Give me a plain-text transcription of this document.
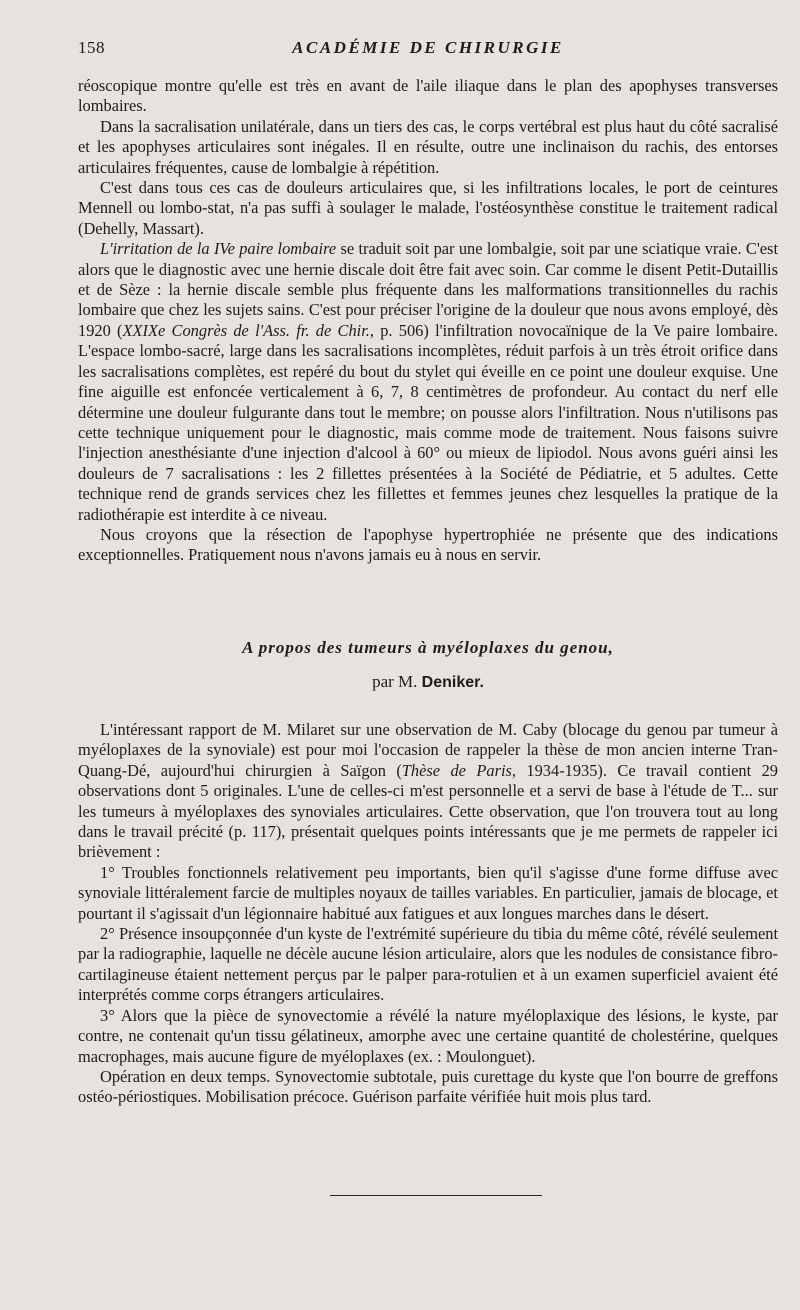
158	ACADÉMIE DE CHIRURGIE

réoscopique montre qu'elle est très en avant de l'aile iliaque dans le plan des apophyses transverses lombaires.

Dans la sacralisation unilatérale, dans un tiers des cas, le corps vertébral est plus haut du côté sacralisé et les apophyses articulaires sont inégales. Il en résulte, outre une inclinaison du rachis, des entorses articulaires fréquentes, cause de lombalgie à répétition.

C'est dans tous ces cas de douleurs articulaires que, si les infiltrations locales, le port de ceintures Mennell ou lombo-stat, n'a pas suffi à soulager le malade, l'ostéosynthèse constitue le traitement radical (Dehelly, Massart).

L'irritation de la IVe paire lombaire se traduit soit par une lombalgie, soit par une sciatique vraie. C'est alors que le diagnostic avec une hernie discale doit être fait avec soin. Car comme le disent Petit-Dutaillis et de Sèze : la hernie discale semble plus fréquente dans les malformations transitionnelles du rachis lombaire que chez les sujets sains. C'est pour préciser l'origine de la douleur que nous avons employé, dès 1920 (XXIXe Congrès de l'Ass. fr. de Chir., p. 506) l'infiltration novocaïnique de la Ve paire lombaire. L'espace lombo-sacré, large dans les sacralisations incomplètes, réduit parfois à un très étroit orifice dans les sacralisations complètes, est repéré du bout du stylet qui éveille en ce point une douleur exquise. Une fine aiguille est enfoncée verticalement à 6, 7, 8 centimètres de profondeur. Au contact du nerf elle détermine une douleur fulgurante dans tout le membre; on pousse alors l'infiltration. Nous n'utilisons pas cette technique uniquement pour le diagnostic, mais comme mode de traitement. Nous faisons suivre l'injection anesthésiante d'une injection d'alcool à 60° ou mieux de lipiodol. Nous avons guéri ainsi les douleurs de 7 sacralisations : les 2 fillettes présentées à la Société de Pédiatrie, et 5 adultes. Cette technique rend de grands services chez les fillettes et femmes jeunes chez lesquelles la pratique de la radiothérapie est interdite à ce niveau.

Nous croyons que la résection de l'apophyse hypertrophiée ne présente que des indications exceptionnelles. Pratiquement nous n'avons jamais eu à nous en servir.

A propos des tumeurs à myéloplaxes du genou,
par M. Deniker.

L'intéressant rapport de M. Milaret sur une observation de M. Caby (blocage du genou par tumeur à myéloplaxes de la synoviale) est pour moi l'occasion de rappeler la thèse de mon ancien interne Tran-Quang-Dé, aujourd'hui chirurgien à Saïgon (Thèse de Paris, 1934-1935). Ce travail contient 29 observations dont 5 originales. L'une de celles-ci m'est personnelle et a servi de base à l'étude de T... sur les tumeurs à myéloplaxes des synoviales articulaires. Cette observation, que l'on trouvera tout au long dans le travail précité (p. 117), présentait quelques points intéressants que je me permets de rappeler ici brièvement :

1° Troubles fonctionnels relativement peu importants, bien qu'il s'agisse d'une forme diffuse avec synoviale littéralement farcie de multiples noyaux de tailles variables. En particulier, jamais de blocage, et pourtant il s'agissait d'un légionnaire habitué aux fatigues et aux longues marches dans le désert.

2° Présence insoupçonnée d'un kyste de l'extrémité supérieure du tibia du même côté, révélé seulement par la radiographie, laquelle ne décèle aucune lésion articulaire, alors que les nodules de consistance fibro-cartilagineuse étaient nettement perçus par le palper para-rotulien et à un examen superficiel avaient été interprétés comme corps étrangers articulaires.

3° Alors que la pièce de synovectomie a révélé la nature myéloplaxique des lésions, le kyste, par contre, ne contenait qu'un tissu gélatineux, amorphe avec une certaine quantité de cholestérine, quelques macrophages, mais aucune figure de myéloplaxes (ex. : Moulonguet).

Opération en deux temps. Synovectomie subtotale, puis curettage du kyste que l'on bourre de greffons ostéo-périostiques. Mobilisation précoce. Guérison parfaite vérifiée huit mois plus tard.
